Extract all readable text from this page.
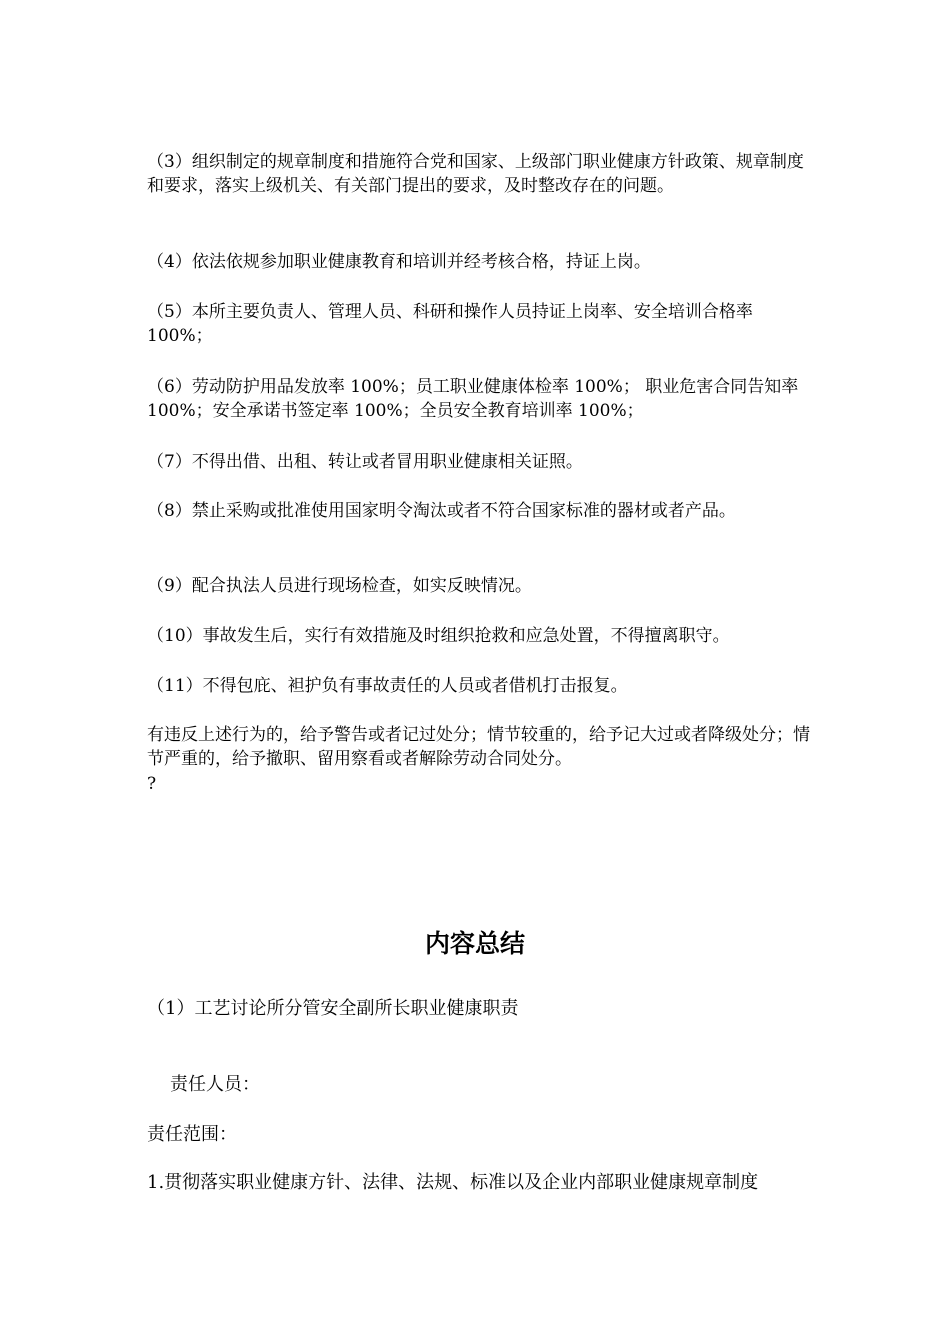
（3）组织制定的规章制度和措施符合党和国家、上级部门职业健康方针政策、规章制度和要求，落实上级机关、有关部门提出的要求，及时整改存在的问题。

（4）依法依规参加职业健康教育和培训并经考核合格，持证上岗。

（5）本所主要负责人、管理人员、科研和操作人员持证上岗率、安全培训合格率 100%；

（6）劳动防护用品发放率 100%；员工职业健康体检率 100%； 职业危害合同告知率 100%；安全承诺书签定率 100%；全员安全教育培训率 100%；

（7）不得出借、出租、转让或者冒用职业健康相关证照。

（8）禁止采购或批准使用国家明令淘汰或者不符合国家标准的器材或者产品。

（9）配合执法人员进行现场检查，如实反映情况。

（10）事故发生后，实行有效措施及时组织抢救和应急处置，不得擅离职守。

（11）不得包庇、袒护负有事故责任的人员或者借机打击报复。

有违反上述行为的，给予警告或者记过处分；情节较重的，给予记大过或者降级处分；情节严重的，给予撤职、留用察看或者解除劳动合同处分。

?

内容总结

（1）工艺讨论所分管安全副所长职业健康职责

责任人员：

责任范围：

1.贯彻落实职业健康方针、法律、法规、标准以及企业内部职业健康规章制度
